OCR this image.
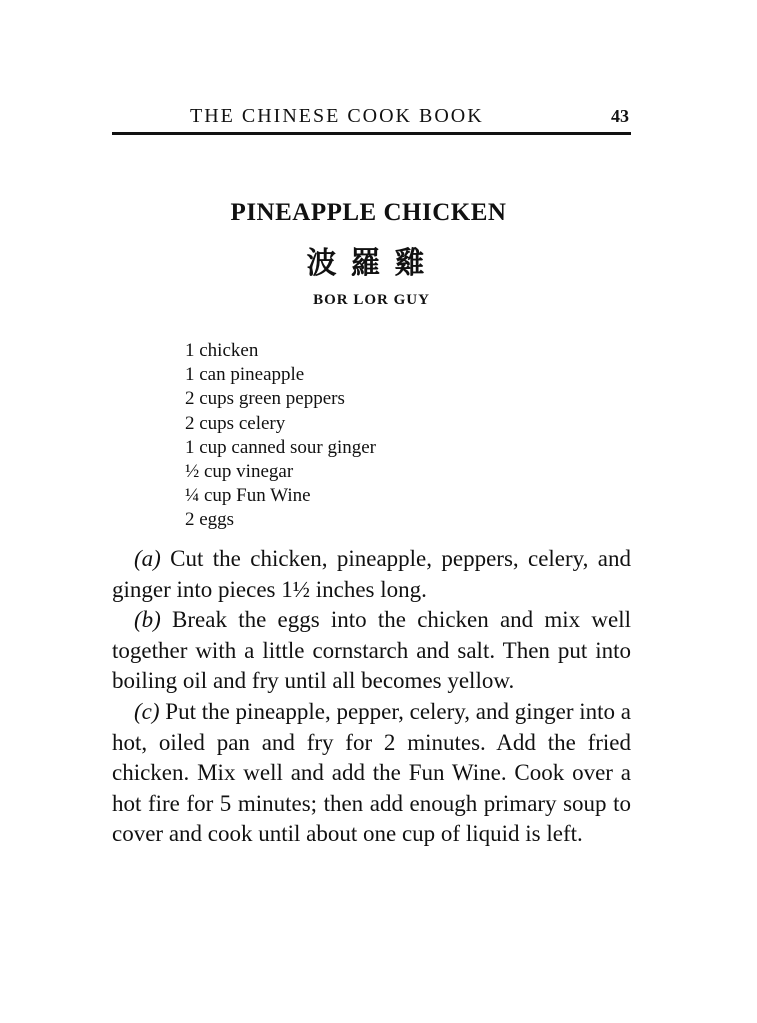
THE CHINESE COOK BOOK	43
PINEAPPLE CHICKEN
波羅雞
BOR LOR GUY
1 chicken
1 can pineapple
2 cups green peppers
2 cups celery
1 cup canned sour ginger
½ cup vinegar
¼ cup Fun Wine
2 eggs

(a) Cut the chicken, pineapple, peppers, celery, and ginger into pieces 1½ inches long.

(b) Break the eggs into the chicken and mix well together with a little cornstarch and salt. Then put into boiling oil and fry until all becomes yellow.

(c) Put the pineapple, pepper, celery, and ginger into a hot, oiled pan and fry for 2 minutes. Add the fried chicken. Mix well and add the Fun Wine. Cook over a hot fire for 5 minutes; then add enough primary soup to cover and cook until about one cup of liquid is left.
